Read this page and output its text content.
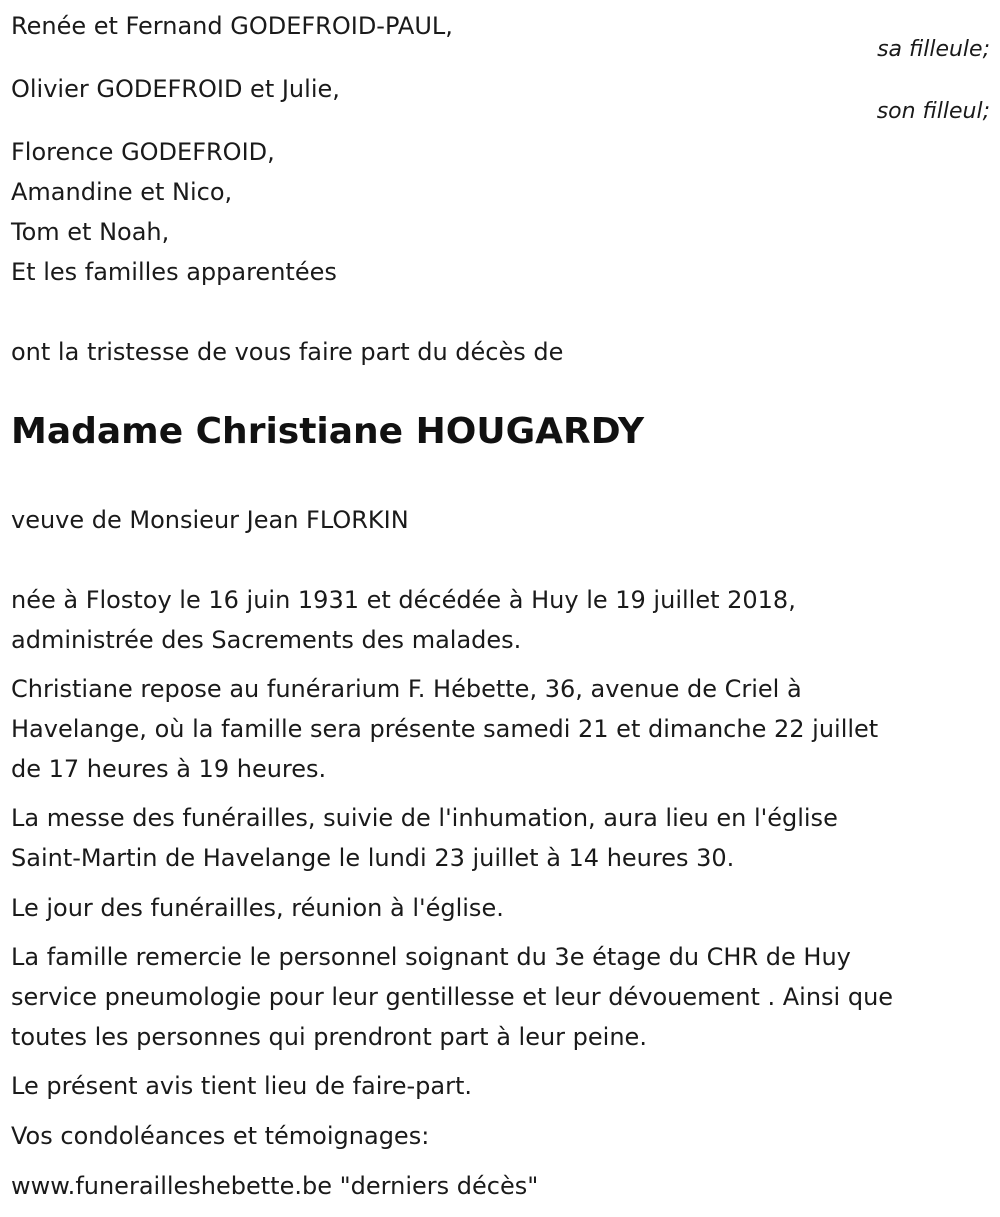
Renée et Fernand GODEFROID-PAUL,
sa filleule;
Olivier GODEFROID et Julie,
son filleul;
Florence GODEFROID,
Amandine et Nico,
Tom et Noah,
Et les familles apparentées
ont la tristesse de vous faire part du décès de
Madame Christiane HOUGARDY
veuve de Monsieur Jean FLORKIN
née à Flostoy le 16 juin 1931 et décédée à Huy le 19 juillet 2018,
administrée des Sacrements des malades.
Christiane repose au funérarium F. Hébette, 36, avenue de Criel à
Havelange, où la famille sera présente samedi 21 et dimanche 22 juillet
de 17 heures à 19 heures.
La messe des funérailles, suivie de l'inhumation, aura lieu en l'église
Saint-Martin de Havelange le lundi 23 juillet à 14 heures 30.
Le jour des funérailles, réunion à l'église.
La famille remercie le personnel soignant du 3e étage du CHR de Huy
service pneumologie pour leur gentillesse et leur dévouement . Ainsi que
toutes les personnes qui prendront part à leur peine.
Le présent avis tient lieu de faire-part.
Vos condoléances et témoignages:
www.funerailleshebette.be "derniers décès"
